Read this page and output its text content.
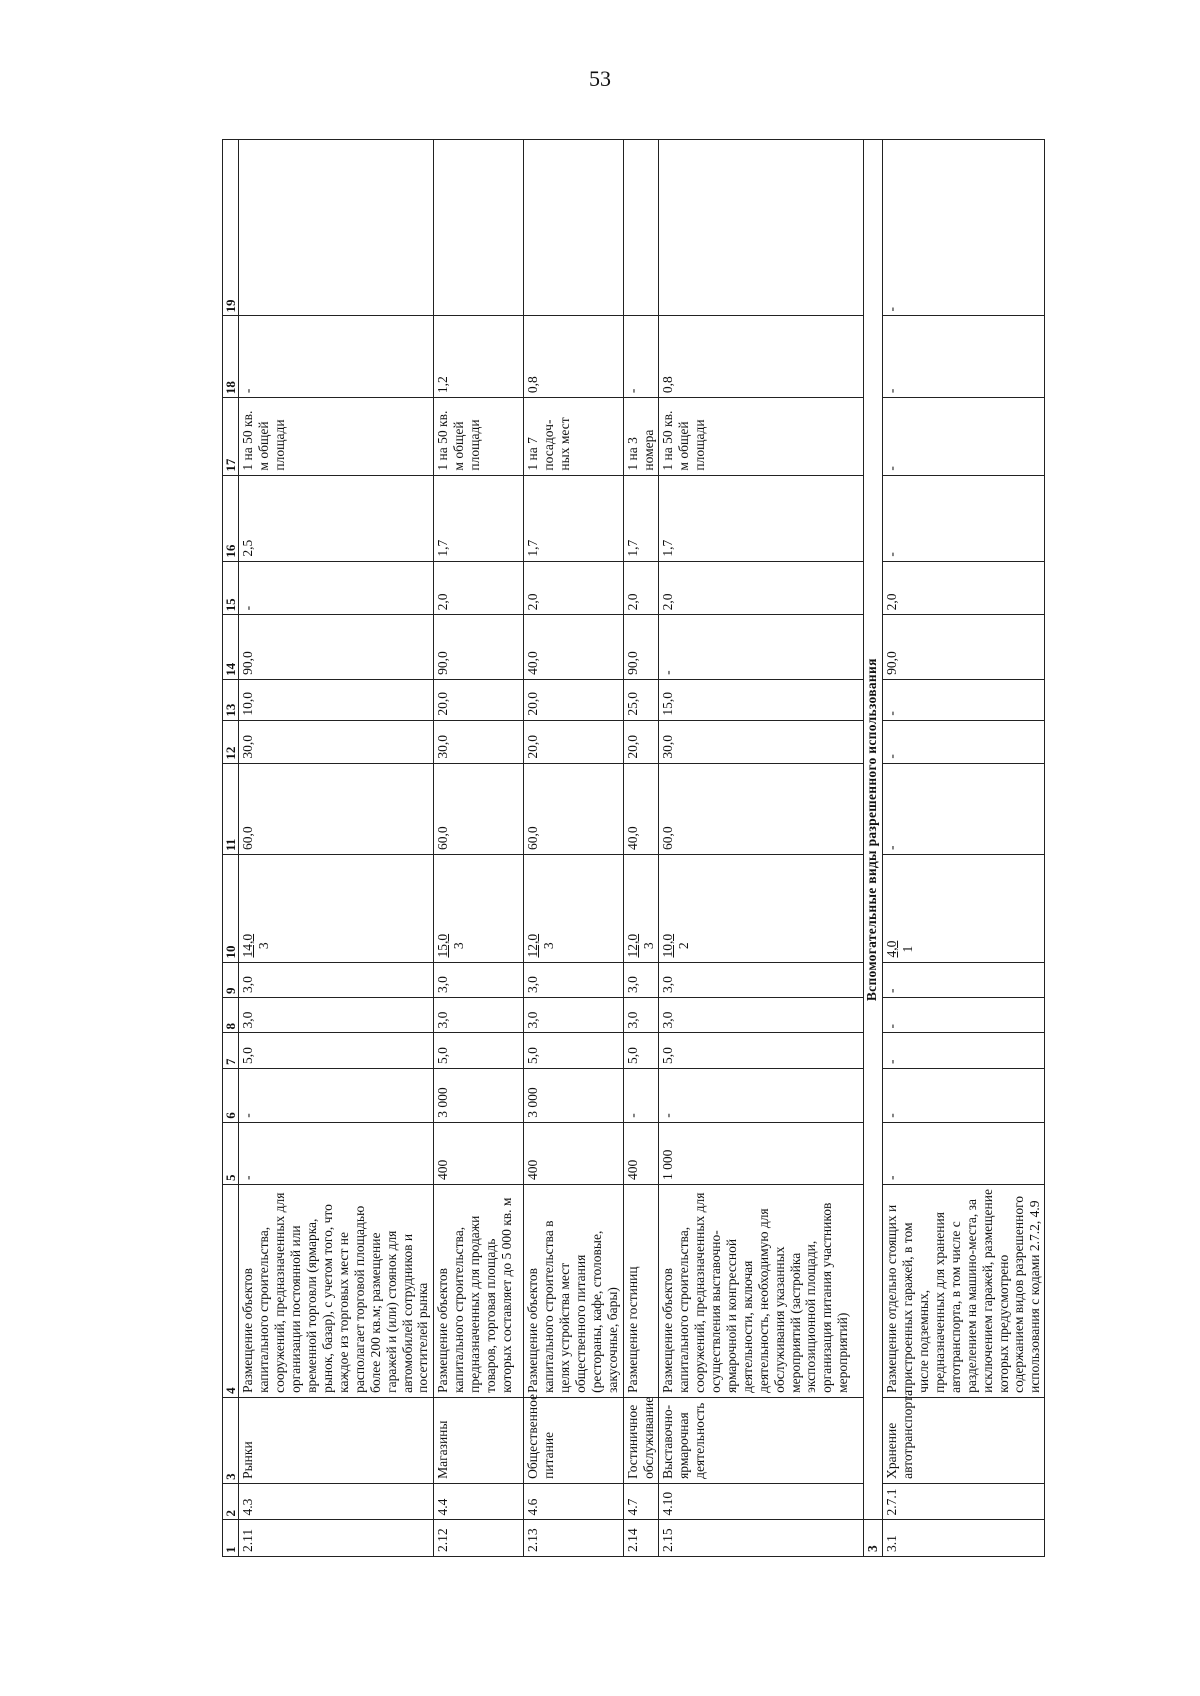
53
1	2	3	4	5	6	7	8	9	10	11	12	13	14	15	16	17	18	19
2.11	4.3	Рынки	Размещение объектов капитального строительства, сооружений, предназначенных для организации постоянной или временной торговли (ярмарка, рынок, базар), с учетом того, что каждое из торговых мест не располагает торговой площадью более 200 кв.м; размещение гаражей и (или) стоянок для автомобилей сотрудников и посетителей рынка	-	-	5,0	3,0	3,0	14,0 3	60,0	30,0	10,0	90,0	-	2,5	1 на 50 кв. м общей площади	-	
2.12	4.4	Магазины	Размещение объектов капитального строительства, предназначенных для продажи товаров, торговая площадь которых составляет до 5 000 кв. м	400	3 000	5,0	3,0	3,0	15,0 3	60,0	30,0	20,0	90,0	2,0	1,7	1 на 50 кв. м общей площади	1,2	
2.13	4.6	Общественное питание	Размещение объектов капитального строительства в целях устройства мест общественного питания (рестораны, кафе, столовые, закусочные, бары)	400	3 000	5,0	3,0	3,0	12,0 3	60,0	20,0	20,0	40,0	2,0	1,7	1 на 7 посадоч-ных мест	0,8	
2.14	4.7	Гостиничное обслуживание	Размещение гостиниц	400	-	5,0	3,0	3,0	12,0 3	40,0	20,0	25,0	90,0	2,0	1,7	1 на 3 номера	-	
2.15	4.10	Выставочно-ярмарочная деятельность	Размещение объектов капитального строительства, сооружений, предназначенных для осуществления выставочно-ярмарочной и конгрессной деятельности, включая деятельность, необходимую для обслуживания указанных мероприятий (застройка экспозиционной площади, организация питания участников мероприятий)	1 000	-	5,0	3,0	3,0	10,0 2	60,0	30,0	15,0	-	2,0	1,7	1 на 50 кв. м общей площади	0,8	
3	Вспомогательные виды разрешенного использования																	
3.1	2.7.1	Хранение автотранспорта	Размещение отдельно стоящих и пристроенных гаражей, в том числе подземных, предназначенных для хранения автотранспорта, в том числе с разделением на машино-места, за исключением гаражей, размещение которых предусмотрено содержанием видов разрешенного использования с кодами 2.7.2, 4.9	-	-	-	-	-	4,0 1	-	-	-	90,0	2,0	-	-	-	-
